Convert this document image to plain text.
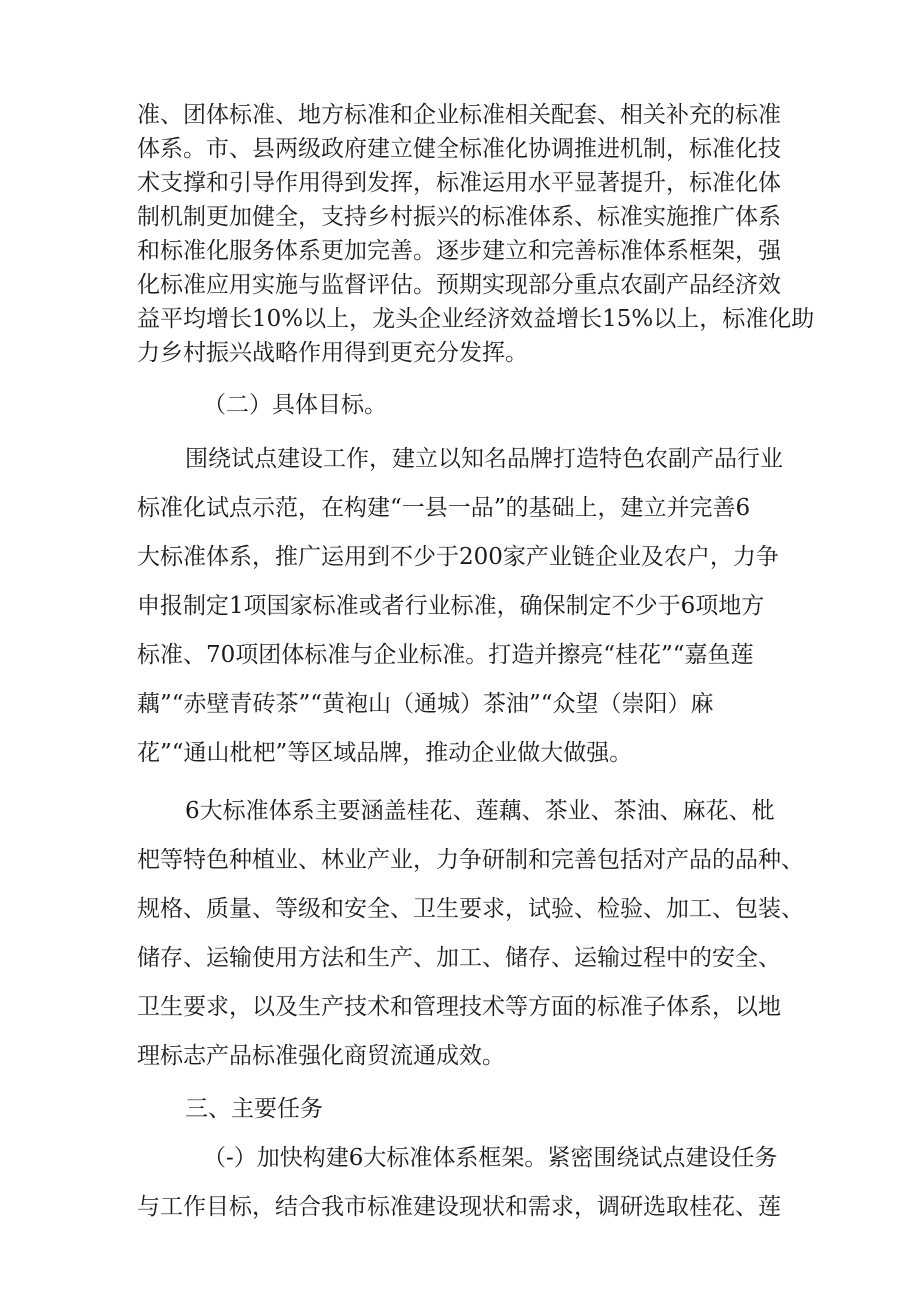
准、团体标准、地方标准和企业标准相关配套、相关补充的标准
体系。市、县两级政府建立健全标准化协调推进机制，标准化技
术支撑和引导作用得到发挥，标准运用水平显著提升，标准化体
制机制更加健全，支持乡村振兴的标准体系、标准实施推广体系
和标准化服务体系更加完善。逐步建立和完善标准体系框架，强
化标准应用实施与监督评估。预期实现部分重点农副产品经济效
益平均增长10%以上，龙头企业经济效益增长15%以上，标准化助
力乡村振兴战略作用得到更充分发挥。
（二）具体目标。
围绕试点建设工作，建立以知名品牌打造特色农副产品行业
标准化试点示范，在构建“一县一品”的基础上，建立并完善6
大标准体系，推广运用到不少于200家产业链企业及农户，力争
申报制定1项国家标准或者行业标准，确保制定不少于6项地方
标准、70项团体标准与企业标准。打造并擦亮“桂花”“嘉鱼莲
藕”“赤壁青砖茶”“黄袍山（通城）茶油”“众望（崇阳）麻
花”“通山枇杷”等区域品牌，推动企业做大做强。
6大标准体系主要涵盖桂花、莲藕、茶业、茶油、麻花、枇
杷等特色种植业、林业产业，力争研制和完善包括对产品的品种、
规格、质量、等级和安全、卫生要求，试验、检验、加工、包装、
储存、运输使用方法和生产、加工、储存、运输过程中的安全、
卫生要求，以及生产技术和管理技术等方面的标准子体系，以地
理标志产品标准强化商贸流通成效。
三、主要任务
（-）加快构建6大标准体系框架。紧密围绕试点建设任务
与工作目标，结合我市标准建设现状和需求，调研选取桂花、莲
